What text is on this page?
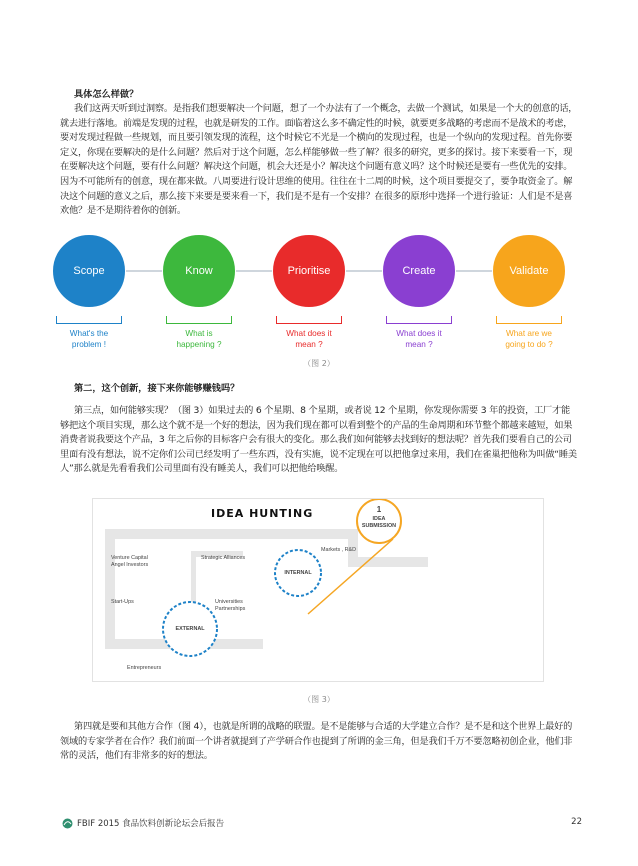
具体怎么样做？

我们这两天听到过洞察。是指我们想要解决一个问题，想了一个办法有了一个概念，去做一个测试，如果是一个大的创意的话，就去进行落地。前端是发现的过程，也就是研发的工作。面临着这么多不确定性的时候，就要更多战略的考虑而不是战术的考虑，要对发现过程做一些规划，而且要引领发现的流程，这个时候它不光是一个横向的发现过程，也是一个纵向的发现过程。首先你要定义，你现在要解决的是什么问题？然后对于这个问题，怎么样能够做一些了解？很多的研究，更多的探讨。接下来要看一下，现在要解决这个问题，要有什么问题？解决这个问题，机会大还是小？解决这个问题有意义吗？这个时候还是要有一些优先的安排。因为不可能所有的创意，现在都来做。八周要进行设计思维的使用。往往在十二周的时候，这个项目要提交了，要争取资金了。解决这个问题的意义之后，那么接下来要是要来看一下，我们是不是有一个安排？在很多的原形中选择一个进行验证：人们是不是喜欢他？是不是期待着你的创新。

Scope	Know	Prioritise	Create	Validate
What's the
problem !
What is
happening ?
What does it
mean ?
What does it
mean ?
What are we
going to do ?
（图 2）
第二，这个创新，接下来你能够赚钱吗？

第三点，如何能够实现？（图 3）如果过去的 6 个星期、8 个星期，或者说 12 个星期，你发现你需要 3 年的投资，工厂才能够把这个项目实现，那么这个就不是一个好的想法，因为我们现在都可以看到整个的产品的生命周期和环节整个都越来越短，如果消费者说我要这个产品，3 年之后你的目标客户会有很大的变化。那么我们如何能够去找到好的想法呢？首先我们要看自己的公司里面有没有想法，说不定你们公司已经发明了一些东西，没有实施，说不定现在可以把他拿过来用，我们在雀巢把他称为叫做“睡美人”那么就是先看看我们公司里面有没有睡美人，我们可以把他给唤醒。

IDEA HUNTING	1
IDEA
SUBMISSION
INTERNAL
EXTERNAL
Venture Capital
Angel Investors
Strategic Alliances
Markets , R&D
Start-Ups	Universities
Partnerships
Entrepreneurs
（图 3）

第四就是要和其他方合作（图 4），也就是所谓的战略的联盟。是不是能够与合适的大学建立合作？是不是和这个世界上最好的领域的专家学者在合作？我们前面一个讲者就提到了产学研合作也提到了所谓的金三角，但是我们千万不要忽略初创企业，他们非常的灵活，他们有非常多的好的想法。

FBIF 2015 食品饮料创新论坛会后报告	22
